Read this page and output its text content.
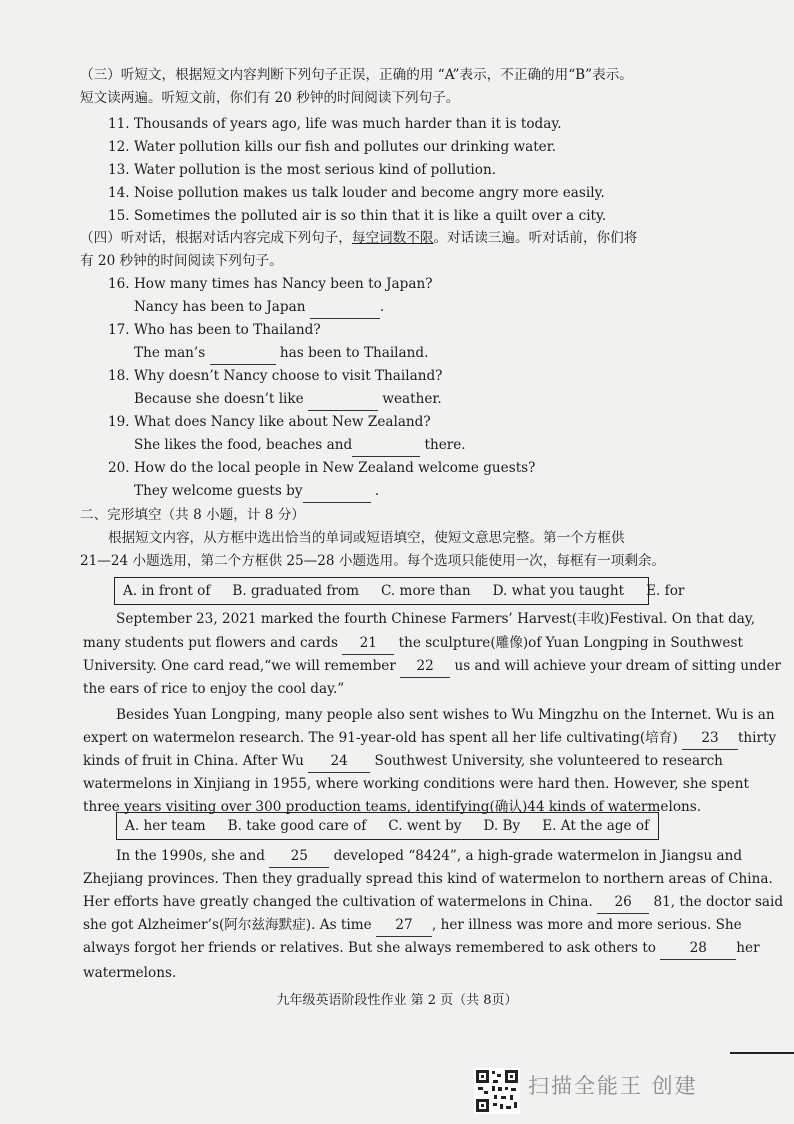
（三）听短文，根据短文内容判断下列句子正误，正确的用 “A”表示，不正确的用“B”表示。
短文读两遍。听短文前，你们有 20 秒钟的时间阅读下列句子。
11. Thousands of years ago, life was much harder than it is today.
12. Water pollution kills our fish and pollutes our drinking water.
13. Water pollution is the most serious kind of pollution.
14. Noise pollution makes us talk louder and become angry more easily.
15. Sometimes the polluted air is so thin that it is like a quilt over a city.
（四）听对话，根据对话内容完成下列句子，每空词数不限。对话读三遍。听对话前，你们将
有 20 秒钟的时间阅读下列句子。
16. How many times has Nancy been to Japan?
Nancy has been to Japan	.
17. Who has been to Thailand?
The man’s	has been to Thailand.
18. Why doesn’t Nancy choose to visit Thailand?
Because she doesn’t like	weather.
19. What does Nancy like about New Zealand?
She likes the food, beaches and	there.
20. How do the local people in New Zealand welcome guests?
They welcome guests by	.
二、完形填空（共 8 小题，计 8 分）
根据短文内容，从方框中选出恰当的单词或短语填空，使短文意思完整。第一个方框供
21—24 小题选用，第二个方框供 25—28 小题选用。每个选项只能使用一次，每框有一项剩余。
A. in front of B. graduated from C. more than D. what you taught E. for
September 23, 2021 marked the fourth Chinese Farmers’ Harvest(丰收)Festival. On that day,
many students put flowers and cards 21 the sculpture(雕像)of Yuan Longping in Southwest
University. One card read,“we will remember 22 us and will achieve your dream of sitting under
the ears of rice to enjoy the cool day.”
Besides Yuan Longping, many people also sent wishes to Wu Mingzhu on the Internet. Wu is an
expert on watermelon research. The 91-year-old has spent all her life cultivating(培育) 23 thirty
kinds of fruit in China. After Wu 24 Southwest University, she volunteered to research
watermelons in Xinjiang in 1955, where working conditions were hard then. However, she spent
three years visiting over 300 production teams, identifying(确认)44 kinds of watermelons.
A. her team B. take good care of C. went by D. By E. At the age of
In the 1990s, she and 25 developed “8424”, a high-grade watermelon in Jiangsu and
Zhejiang provinces. Then they gradually spread this kind of watermelon to northern areas of China.
Her efforts have greatly changed the cultivation of watermelons in China. 26 81, the doctor said
she got Alzheimer’s(阿尔兹海默症). As time 27 , her illness was more and more serious. She
always forgot her friends or relatives. But she always remembered to ask others to 28 her
watermelons.
九年级英语阶段性作业 第 2 页（共 8页）
扫描全能王 创建
